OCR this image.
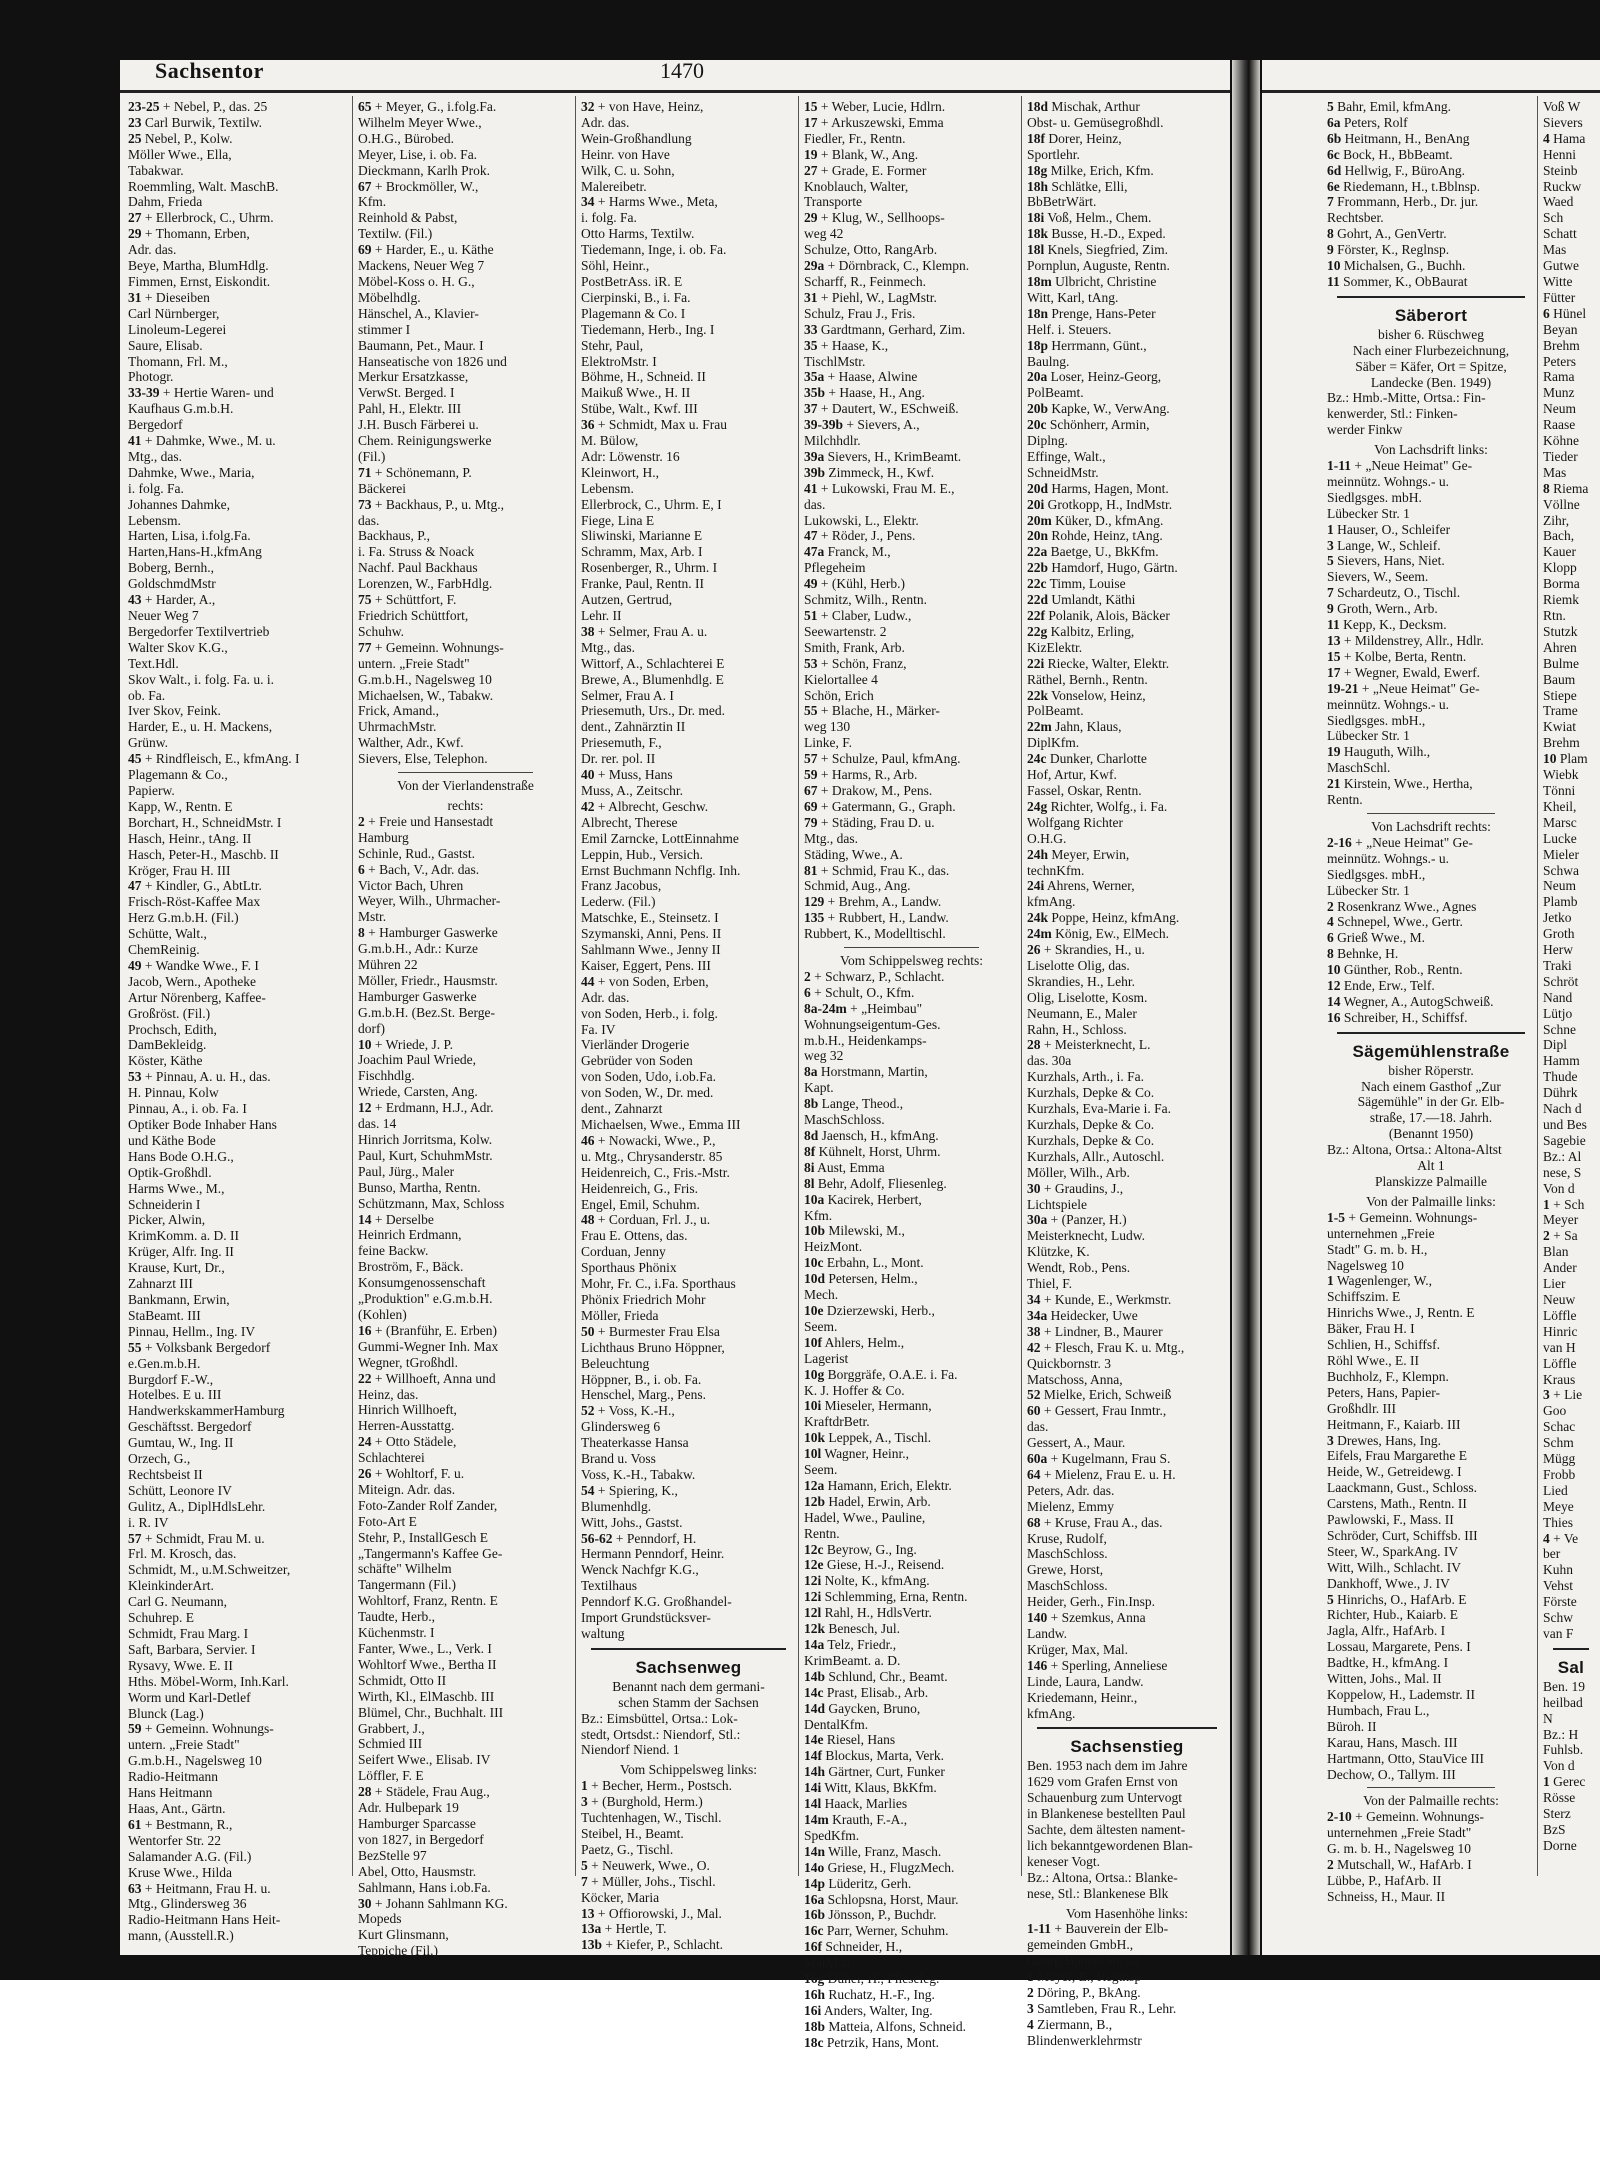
Sachsentor	1470
23-25 + Nebel, P., das. 25
23 Carl Burwik, Textilw.
25 Nebel, P., Kolw.
Möller Wwe., Ella,
Tabakwar.
Roemmling, Walt. MaschB.
Dahm, Frieda
27 + Ellerbrock, C., Uhrm.
29 + Thomann, Erben,
Adr. das.
Beye, Martha, BlumHdlg.
Fimmen, Ernst, Eiskondit.
31 + Dieseiben
Carl Nürnberger,
Linoleum-Legerei
Saure, Elisab.
Thomann, Frl. M.,
Photogr.
33-39 + Hertie Waren- und
Kaufhaus G.m.b.H.
Bergedorf
41 + Dahmke, Wwe., M. u.
Mtg., das.
Dahmke, Wwe., Maria,
i. folg. Fa.
Johannes Dahmke,
Lebensm.
Harten, Lisa, i.folg.Fa.
Harten,Hans-H.,kfmAng
Boberg, Bernh.,
GoldschmdMstr
43 + Harder, A.,
Neuer Weg 7
Bergedorfer Textilvertrieb
Walter Skov K.G.,
Text.Hdl.
Skov Walt., i. folg. Fa. u. i.
ob. Fa.
Iver Skov, Feink.
Harder, E., u. H. Mackens,
Grünw.
45 + Rindfleisch, E., kfmAng. I
Plagemann & Co.,
Papierw.
Kapp, W., Rentn. E
Borchart, H., SchneidMstr. I
Hasch, Heinr., tAng. II
Hasch, Peter-H., Maschb. II
Kröger, Frau H. III
47 + Kindler, G., AbtLtr.
Frisch-Röst-Kaffee Max
Herz G.m.b.H. (Fil.)
Schütte, Walt.,
ChemReinig.
49 + Wandke Wwe., F. I
Jacob, Wern., Apotheke
Artur Nörenberg, Kaffee-
Großröst. (Fil.)
Prochsch, Edith,
DamBekleidg.
Köster, Käthe
53 + Pinnau, A. u. H., das.
H. Pinnau, Kolw
Pinnau, A., i. ob. Fa. I
Optiker Bode Inhaber Hans
und Käthe Bode
Hans Bode O.H.G.,
Optik-Großhdl.
Harms Wwe., M.,
Schneiderin I
Picker, Alwin,
KrimKomm. a. D. II
Krüger, Alfr. Ing. II
Krause, Kurt, Dr.,
Zahnarzt III
Bankmann, Erwin,
StaBeamt. III
Pinnau, Hellm., Ing. IV
55 + Volksbank Bergedorf
e.Gen.m.b.H.
Burgdorf F.-W.,
Hotelbes. E u. III
HandwerkskammerHamburg
Geschäftsst. Bergedorf
Gumtau, W., Ing. II
Orzech, G.,
Rechtsbeist II
Schütt, Leonore IV
Gulitz, A., DiplHdlsLehr.
i. R. IV
57 + Schmidt, Frau M. u.
Frl. M. Krosch, das.
Schmidt, M., u.M.Schweitzer,
KleinkinderArt.
Carl G. Neumann,
Schuhrep. E
Schmidt, Frau Marg. I
Saft, Barbara, Servier. I
Rysavy, Wwe. E. II
Hths. Möbel-Worm, Inh.Karl.
Worm und Karl-Detlef
Blunck (Lag.)
59 + Gemeinn. Wohnungs-
untern. „Freie Stadt"
G.m.b.H., Nagelsweg 10
Radio-Heitmann
Hans Heitmann
Haas, Ant., Gärtn.
61 + Bestmann, R.,
Wentorfer Str. 22
Salamander A.G. (Fil.)
Kruse Wwe., Hilda
63 + Heitmann, Frau H. u.
Mtg., Glindersweg 36
Radio-Heitmann Hans Heit-
mann, (Ausstell.R.)
65 + Meyer, G., i.folg.Fa.
Wilhelm Meyer Wwe.,
O.H.G., Bürobed.
Meyer, Lise, i. ob. Fa.
Dieckmann, Karlh Prok.
67 + Brockmöller, W.,
Kfm.
Reinhold & Pabst,
Textilw. (Fil.)
69 + Harder, E., u. Käthe
Mackens, Neuer Weg 7
Möbel-Koss o. H. G.,
Möbelhdlg.
Hänschel, A., Klavier-
stimmer I
Baumann, Pet., Maur. I
Hanseatische von 1826 und
Merkur Ersatzkasse,
VerwSt. Berged. I
Pahl, H., Elektr. III
J.H. Busch Färberei u.
Chem. Reinigungswerke
(Fil.)
71 + Schönemann, P.
Bäckerei
73 + Backhaus, P., u. Mtg.,
das.
Backhaus, P.,
i. Fa. Struss & Noack
Nachf. Paul Backhaus
Lorenzen, W., FarbHdlg.
75 + Schüttfort, F.
Friedrich Schüttfort,
Schuhw.
77 + Gemeinn. Wohnungs-
untern. „Freie Stadt"
G.m.b.H., Nagelsweg 10
Michaelsen, W., Tabakw.
Frick, Amand.,
UhrmachMstr.
Walther, Adr., Kwf.
Sievers, Else, Telephon.
Von der Vierlandenstraße
rechts:
2 + Freie und Hansestadt
Hamburg
Schinle, Rud., Gastst.
6 + Bach, V., Adr. das.
Victor Bach, Uhren
Weyer, Wilh., Uhrmacher-
Mstr.
8 + Hamburger Gaswerke
G.m.b.H., Adr.: Kurze
Mühren 22
Möller, Friedr., Hausmstr.
Hamburger Gaswerke
G.m.b.H. (Bez.St. Berge-
dorf)
10 + Wriede, J. P.
Joachim Paul Wriede,
Fischhdlg.
Wriede, Carsten, Ang.
12 + Erdmann, H.J., Adr.
das. 14
Hinrich Jorritsma, Kolw.
Paul, Kurt, SchuhmMstr.
Paul, Jürg., Maler
Bunso, Martha, Rentn.
Schützmann, Max, Schloss
14 + Derselbe
Heinrich Erdmann,
feine Backw.
Broström, F., Bäck.
Konsumgenossenschaft
„Produktion" e.G.m.b.H.
(Kohlen)
16 + (Branführ, E. Erben)
Gummi-Wegner Inh. Max
Wegner, tGroßhdl.
22 + Willhoeft, Anna und
Heinz, das.
Hinrich Willhoeft,
Herren-Ausstattg.
24 + Otto Städele,
Schlachterei
26 + Wohltorf, F. u.
Miteign. Adr. das.
Foto-Zander Rolf Zander,
Foto-Art E
Stehr, P., InstallGesch E
„Tangermann's Kaffee Ge-
schäfte" Wilhelm
Tangermann (Fil.)
Wohltorf, Franz, Rentn. E
Taudte, Herb.,
Küchenmstr. I
Fanter, Wwe., L., Verk. I
Wohltorf Wwe., Bertha II
Schmidt, Otto II
Wirth, Kl., ElMaschb. III
Blümel, Chr., Buchhalt. III
Grabbert, J.,
Schmied III
Seifert Wwe., Elisab. IV
Löffler, F. E
28 + Städele, Frau Aug.,
Adr. Hulbepark 19
Hamburger Sparcasse
von 1827, in Bergedorf
BezStelle 97
Abel, Otto, Hausmstr.
Sahlmann, Hans i.ob.Fa.
30 + Johann Sahlmann KG.
Mopeds
Kurt Glinsmann,
Teppiche (Fil.)
32 + von Have, Heinz,
Adr. das.
Wein-Großhandlung
Heinr. von Have
Wilk, C. u. Sohn,
Malereibetr.
34 + Harms Wwe., Meta,
i. folg. Fa.
Otto Harms, Textilw.
Tiedemann, Inge, i. ob. Fa.
Söhl, Heinr.,
PostBetrAss. iR. E
Cierpinski, B., i. Fa.
Plagemann & Co. I
Tiedemann, Herb., Ing. I
Stehr, Paul,
ElektroMstr. I
Böhme, H., Schneid. II
Maikuß Wwe., H. II
Stübe, Walt., Kwf. III
36 + Schmidt, Max u. Frau
M. Bülow,
Adr: Löwenstr. 16
Kleinwort, H.,
Lebensm.
Ellerbrock, C., Uhrm. E, I
Fiege, Lina E
Sliwinski, Marianne E
Schramm, Max, Arb. I
Rosenberger, R., Uhrm. I
Franke, Paul, Rentn. II
Autzen, Gertrud,
Lehr. II
38 + Selmer, Frau A. u.
Mtg., das.
Wittorf, A., Schlachterei E
Brewe, A., Blumenhdlg. E
Selmer, Frau A. I
Priesemuth, Urs., Dr. med.
dent., Zahnärztin II
Priesemuth, F.,
Dr. rer. pol. II
40 + Muss, Hans
Muss, A., Zeitschr.
42 + Albrecht, Geschw.
Albrecht, Therese
Emil Zarncke, LottEinnahme
Leppin, Hub., Versich.
Ernst Buchmann Nchflg. Inh.
Franz Jacobus,
Lederw. (Fil.)
Matschke, E., Steinsetz. I
Szymanski, Anni, Pens. II
Sahlmann Wwe., Jenny II
Kaiser, Eggert, Pens. III
44 + von Soden, Erben,
Adr. das.
von Soden, Herb., i. folg.
Fa. IV
Vierländer Drogerie
Gebrüder von Soden
von Soden, Udo, i.ob.Fa.
von Soden, W., Dr. med.
dent., Zahnarzt
Michaelsen, Wwe., Emma III
46 + Nowacki, Wwe., P.,
u. Mtg., Chrysanderstr. 85
Heidenreich, C., Fris.-Mstr.
Heidenreich, G., Fris.
Engel, Emil, Schuhm.
48 + Corduan, Frl. J., u.
Frau E. Ottens, das.
Corduan, Jenny
Sporthaus Phönix
Mohr, Fr. C., i.Fa. Sporthaus
Phönix Friedrich Mohr
Möller, Frieda
50 + Burmester Frau Elsa
Lichthaus Bruno Höppner,
Beleuchtung
Höppner, B., i. ob. Fa.
Henschel, Marg., Pens.
52 + Voss, K.-H.,
Glindersweg 6
Theaterkasse Hansa
Brand u. Voss
Voss, K.-H., Tabakw.
54 + Spiering, K.,
Blumenhdlg.
Witt, Johs., Gastst.
56-62 + Penndorf, H.
Hermann Penndorf, Heinr.
Wenck Nachfgr K.G.,
Textilhaus
Penndorf K.G. Großhandel-
Import Grundstücksver-
waltung
Sachsenweg
Benannt nach dem germani-
schen Stamm der Sachsen
Bz.: Eimsbüttel, Ortsa.: Lok-
stedt, Ortsdst.: Niendorf, Stl.:
Niendorf Niend. 1
Vom Schippelsweg links:
1 + Becher, Herm., Postsch.
3 + (Burghold, Herm.)
Tuchtenhagen, W., Tischl.
Steibel, H., Beamt.
Paetz, G., Tischl.
5 + Neuwerk, Wwe., O.
7 + Müller, Johs., Tischl.
Köcker, Maria
13 + Offiorowski, J., Mal.
13a + Hertle, T.
13b + Kiefer, P., Schlacht.
15 + Weber, Lucie, Hdlrn.
17 + Arkuszewski, Emma
Fiedler, Fr., Rentn.
19 + Blank, W., Ang.
27 + Grade, E. Former
Knoblauch, Walter,
Transporte
29 + Klug, W., Sellhoops-
weg 42
Schulze, Otto, RangArb.
29a + Dörnbrack, C., Klempn.
Scharff, R., Feinmech.
31 + Piehl, W., LagMstr.
Schulz, Frau J., Fris.
33 Gardtmann, Gerhard, Zim.
35 + Haase, K.,
TischlMstr.
35a + Haase, Alwine
35b + Haase, H., Ang.
37 + Dautert, W., ESchweiß.
39-39b + Sievers, A.,
Milchhdlr.
39a Sievers, H., KrimBeamt.
39b Zimmeck, H., Kwf.
41 + Lukowski, Frau M. E.,
das.
Lukowski, L., Elektr.
47 + Röder, J., Pens.
47a Franck, M.,
Pflegeheim
49 + (Kühl, Herb.)
Schmitz, Wilh., Rentn.
51 + Claber, Ludw.,
Seewartenstr. 2
Smith, Frank, Arb.
53 + Schön, Franz,
Kielortallee 4
Schön, Erich
55 + Blache, H., Märker-
weg 130
Linke, F.
57 + Schulze, Paul, kfmAng.
59 + Harms, R., Arb.
67 + Drakow, M., Pens.
69 + Gatermann, G., Graph.
79 + Städing, Frau D. u.
Mtg., das.
Städing, Wwe., A.
81 + Schmid, Frau K., das.
Schmid, Aug., Ang.
129 + Brehm, A., Landw.
135 + Rubbert, H., Landw.
Rubbert, K., Modelltischl.
Vom Schippelsweg rechts:
2 + Schwarz, P., Schlacht.
6 + Schult, O., Kfm.
8a-24m + „Heimbau"
Wohnungseigentum-Ges.
m.b.H., Heidenkamps-
weg 32
8a Horstmann, Martin,
Kapt.
8b Lange, Theod.,
MaschSchloss.
8d Jaensch, H., kfmAng.
8f Kühnelt, Horst, Uhrm.
8i Aust, Emma
8l Behr, Adolf, Fliesenleg.
10a Kacirek, Herbert,
Kfm.
10b Milewski, M.,
HeizMont.
10c Erbahn, L., Mont.
10d Petersen, Helm.,
Mech.
10e Dzierzewski, Herb.,
Seem.
10f Ahlers, Helm.,
Lagerist
10g Borggräfe, O.A.E. i. Fa.
K. J. Hoffer & Co.
10i Mieseler, Hermann,
KraftdrBetr.
10k Leppek, A., Tischl.
10l Wagner, Heinr.,
Seem.
12a Hamann, Erich, Elektr.
12b Hadel, Erwin, Arb.
Hadel, Wwe., Pauline,
Rentn.
12c Beyrow, G., Ing.
12e Giese, H.-J., Reisend.
12i Nolte, K., kfmAng.
12i Schlemming, Erna, Rentn.
12l Rahl, H., HdlsVertr.
12k Benesch, Jul.
14a Telz, Friedr.,
KrimBeamt. a. D.
14b Schlund, Chr., Beamt.
14c Prast, Elisab., Arb.
14d Gaycken, Bruno,
DentalKfm.
14e Riesel, Hans
14f Blockus, Marta, Verk.
14h Gärtner, Curt, Funker
14i Witt, Klaus, BkKfm.
14l Haack, Marlies
14m Krauth, F.-A.,
SpedKfm.
14n Wille, Franz, Masch.
14o Griese, H., FlugzMech.
14p Lüderitz, Gerh.
16a Schlopsna, Horst, Maur.
16b Jönsson, P., Buchdr.
16c Parr, Werner, Schuhm.
16f Schneider, H.,
MalMstr.
16g Dühel, H., Flieseleg.
16h Ruchatz, H.-F., Ing.
16i Anders, Walter, Ing.
18b Matteia, Alfons, Schneid.
18c Petrzik, Hans, Mont.
18d Mischak, Arthur
Obst- u. Gemüsegroßhdl.
18f Dorer, Heinz,
Sportlehr.
18g Milke, Erich, Kfm.
18h Schlätke, Elli,
BbBetrWärt.
18i Voß, Helm., Chem.
18k Busse, H.-D., Exped.
18l Knels, Siegfried, Zim.
Pornplun, Auguste, Rentn.
18m Ulbricht, Christine
Witt, Karl, tAng.
18n Prenge, Hans-Peter
Helf. i. Steuers.
18p Herrmann, Günt.,
Baulng.
20a Loser, Heinz-Georg,
PolBeamt.
20b Kapke, W., VerwAng.
20c Schönherr, Armin,
Diplng.
Effinge, Walt.,
SchneidMstr.
20d Harms, Hagen, Mont.
20i Grotkopp, H., IndMstr.
20m Küker, D., kfmAng.
20n Rohde, Heinz, tAng.
22a Baetge, U., BkKfm.
22b Hamdorf, Hugo, Gärtn.
22c Timm, Louise
22d Umlandt, Käthi
22f Polanik, Alois, Bäcker
22g Kalbitz, Erling,
KizElektr.
22i Riecke, Walter, Elektr.
Räthel, Bernh., Rentn.
22k Vonselow, Heinz,
PolBeamt.
22m Jahn, Klaus,
DiplKfm.
24c Dunker, Charlotte
Hof, Artur, Kwf.
Fassel, Oskar, Rentn.
24g Richter, Wolfg., i. Fa.
Wolfgang Richter
O.H.G.
24h Meyer, Erwin,
technKfm.
24i Ahrens, Werner,
kfmAng.
24k Poppe, Heinz, kfmAng.
24m König, Ew., ElMech.
26 + Skrandies, H., u.
Liselotte Olig, das.
Skrandies, H., Lehr.
Olig, Liselotte, Kosm.
Neumann, E., Maler
Rahn, H., Schloss.
28 + Meisterknecht, L.
das. 30a
Kurzhals, Arth., i. Fa.
Kurzhals, Depke & Co.
Kurzhals, Eva-Marie i. Fa.
Kurzhals, Depke & Co.
Kurzhals, Depke & Co.
Kurzhals, Allr., Autoschl.
Möller, Wilh., Arb.
30 + Graudins, J.,
Lichtspiele
30a + (Panzer, H.)
Meisterknecht, Ludw.
Klützke, K.
Wendt, Rob., Pens.
Thiel, F.
34 + Kunde, E., Werkmstr.
34a Heidecker, Uwe
38 + Lindner, B., Maurer
42 + Flesch, Frau K. u. Mtg.,
Quickbornstr. 3
Matschoss, Anna,
52 Mielke, Erich, Schweiß
60 + Gessert, Frau Inmtr.,
das.
Gessert, A., Maur.
60a + Kugelmann, Frau S.
64 + Mielenz, Frau E. u. H.
Peters, Adr. das.
Mielenz, Emmy
68 + Kruse, Frau A., das.
Kruse, Rudolf,
MaschSchloss.
Grewe, Horst,
MaschSchloss.
Heider, Gerh., Fin.Insp.
140 + Szemkus, Anna
Landw.
Krüger, Max, Mal.
146 + Sperling, Anneliese
Linde, Laura, Landw.
Kriedemann, Heinr.,
kfmAng.
Sachsenstieg
Ben. 1953 nach dem im Jahre
1629 vom Grafen Ernst von
Schauenburg zum Untervogt
in Blankenese bestellten Paul
Sachte, dem ältesten nament-
lich bekanntgewordenen Blan-
keneser Vogt.
Bz.: Altona, Ortsa.: Blanke-
nese, Stl.: Blankenese Blk
Vom Hasenhöhe links:
1-11 + Bauverein der Elb-
gemeinden GmbH.,
Georg-Bonne-Str. 62
1 Meyer, E., Regtnsp
2 Döring, P., BkAng.
3 Samtleben, Frau R., Lehr.
4 Ziermann, B.,
Blindenwerklehrmstr
5 Bahr, Emil, kfmAng.
6a Peters, Rolf
6b Heitmann, H., BenAng
6c Bock, H., BbBeamt.
6d Hellwig, F., BüroAng.
6e Riedemann, H., t.Bblnsp.
7 Frommann, Herb., Dr. jur.
Rechtsber.
8 Gohrt, A., GenVertr.
9 Förster, K., Reglnsp.
10 Michalsen, G., Buchh.
11 Sommer, K., ObBaurat
Säberort
bisher 6. Rüschweg
Nach einer Flurbezeichnung,
Säber = Käfer, Ort = Spitze,
Landecke (Ben. 1949)
Bz.: Hmb.-Mitte, Ortsa.: Fin-
kenwerder, Stl.: Finken-
werder Finkw
Von Lachsdrift links:
1-11 + „Neue Heimat" Ge-
meinnütz. Wohngs.- u.
Siedlgsges. mbH.
Lübecker Str. 1
1 Hauser, O., Schleifer
3 Lange, W., Schleif.
5 Sievers, Hans, Niet.
Sievers, W., Seem.
7 Schardeutz, O., Tischl.
9 Groth, Wern., Arb.
11 Kepp, K., Decksm.
13 + Mildenstrey, Allr., Hdlr.
15 + Kolbe, Berta, Rentn.
17 + Wegner, Ewald, Ewerf.
19-21 + „Neue Heimat" Ge-
meinnütz. Wohngs.- u.
Siedlgsges. mbH.,
Lübecker Str. 1
19 Hauguth, Wilh.,
MaschSchl.
21 Kirstein, Wwe., Hertha,
Rentn.
Von Lachsdrift rechts:
2-16 + „Neue Heimat" Ge-
meinnütz. Wohngs.- u.
Siedlgsges. mbH.,
Lübecker Str. 1
2 Rosenkranz Wwe., Agnes
4 Schnepel, Wwe., Gertr.
6 Grieß Wwe., M.
8 Behnke, H.
10 Günther, Rob., Rentn.
12 Ende, Erw., Telf.
14 Wegner, A., AutogSchweiß.
16 Schreiber, H., Schiffsf.
Sägemühlenstraße
bisher Röperstr.
Nach einem Gasthof „Zur
Sägemühle" in der Gr. Elb-
straße, 17.—18. Jahrh.
(Benannt 1950)
Bz.: Altona, Ortsa.: Altona-Altst
Alt 1
Planskizze Palmaille
Von der Palmaille links:
1-5 + Gemeinn. Wohnungs-
unternehmen „Freie
Stadt" G. m. b. H.,
Nagelsweg 10
1 Wagenlenger, W.,
Schiffszim. E
Hinrichs Wwe., J, Rentn. E
Bäker, Frau H. I
Schlien, H., Schiffsf.
Röhl Wwe., E. II
Buchholz, F., Klempn.
Peters, Hans, Papier-
Großhdlr. III
Heitmann, F., Kaiarb. III
3 Drewes, Hans, Ing.
Eifels, Frau Margarethe E
Heide, W., Getreidewg. I
Laackmann, Gust., Schloss.
Carstens, Math., Rentn. II
Pawlowski, F., Mass. II
Schröder, Curt, Schiffsb. III
Steer, W., SparkAng. IV
Witt, Wilh., Schlacht. IV
Dankhoff, Wwe., J. IV
5 Hinrichs, O., HafArb. E
Richter, Hub., Kaiarb. E
Jagla, Alfr., HafArb. I
Lossau, Margarete, Pens. I
Badtke, H., kfmAng. I
Witten, Johs., Mal. II
Koppelow, H., Lademstr. II
Humbach, Frau L.,
Büroh. II
Karau, Hans, Masch. III
Hartmann, Otto, StauVice III
Dechow, O., Tallym. III
Von der Palmaille rechts:
2-10 + Gemeinn. Wohnungs-
unternehmen „Freie Stadt"
G. m. b. H., Nagelsweg 10
2 Mutschall, W., HafArb. I
Lübbe, P., HafArb. II
Schneiss, H., Maur. II
Voß W
Sievers
4 Hama
Henni
Steinb
Ruckw
Waed
Sch
Schatt
Mas
Gutwe
Witte
Fütter
6 Hünel
Beyan
Brehm
Peters
Rama
Munz
Neum
Raase
Köhne
Tieder
Mas
8 Riema
Völlne
Zihr,
Bach,
Kauer
Klopp
Borma
Riemk
Rtn.
Stutzk
Ahren
Bulme
Baum
Stiepe
Trame
Kwiat
Brehm
10 Plam
Wiebk
Tönni
Kheil,
Marsc
Lucke
Mieler
Schwa
Neum
Plamb
Jetko
Groth
Herw
Traki
Schröt
Nand
Lütjo
Schne
Dipl
Hamm
Thude
Dührk
Nach d
und Bes
Sagebie
Bz.: Al
nese, S
Von d
1 + Sch
Meyer
2 + Sa
Blan
Ander
Lier
Neuw
Löffle
Hinric
van H
Löffle
Kraus
3 + Lie
Goo
Schac
Schm
Mügg
Frobb
Lied
Meye
Thies
4 + Ve
ber
Kuhn
Vehst
Förste
Schw
van F
Sal
Ben. 19
heilbad
N
Bz.: H
Fuhlsb.
Von d
1 Gerec
Rösse
Sterz
BzS
Dorne
